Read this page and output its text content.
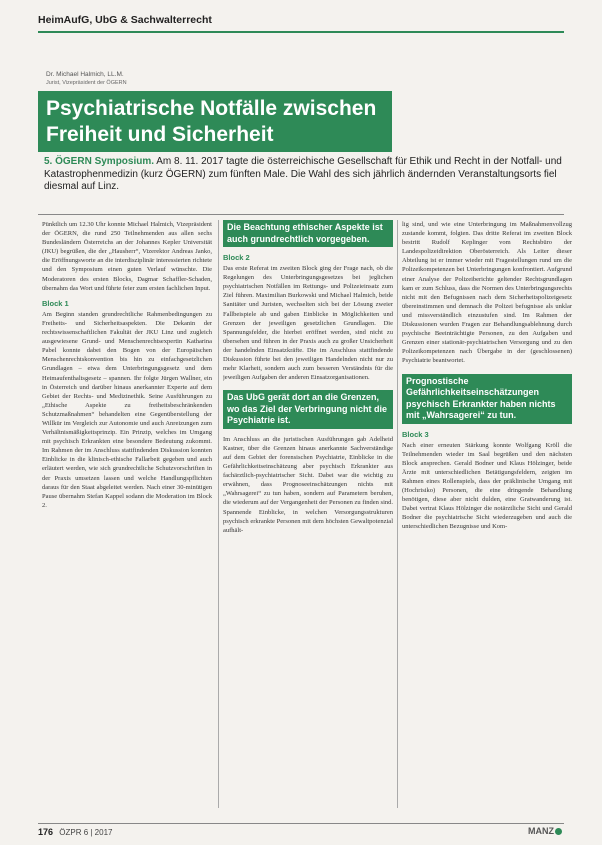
HeimAufG, UbG & Sachwalterrecht
Dr. Michael Halmich, LL.M.
Jurist, Vizepräsident der ÖGERN
Psychiatrische Notfälle zwischen Freiheit und Sicherheit
5. ÖGERN Symposium. Am 8. 11. 2017 tagte die österreichische Gesellschaft für Ethik und Recht in der Notfall- und Katastrophenmedizin (kurz ÖGERN) zum fünften Male. Die Wahl des sich jährlich ändernden Veranstaltungsorts fiel diesmal auf Linz.
Pünktlich um 12.30 Uhr konnte Michael Halmich, Vizepräsident der ÖGERN, die rund 250 Teilnehmenden aus allen sechs Bundesländern Österreichs an der Johannes Kepler Universität (JKU) begrüßen, die der „Hausherr“, Vizerektor Andreas Janko, die Eröffnungsworte an die interdisziplinär interessierten richtete und den Symposium einen guten Verlauf wünschte. Die Moderatoren des ersten Blocks, Dagmar Schaffler-Schaden, übernahm das Wort und führte feier zum ersten fachlichen Input.
Block 1
Am Beginn standen grundrechtliche Rahmenbedingungen zu Freiheits- und Sicherheitsaspekten. Die Dekanin der rechtswissenschaftlichen Fakultät der JKU Linz und zugleich ausgewiesene Grund- und Menschenrechtsexpertin Katharina Pabel konnte dabei den Bogen von der Europäischen Menschenrechtskonvention bis hin zu einfachgesetzlichen Grundlagen – etwa dem Unterbringungsgesetz und dem Heimaufenthaltsgesetz – spannen. Ihr folgte Jürgen Wallner, ein in Österreich und darüber hinaus anerkannter Experte auf dem Gebiet der Rechts- und Medizinethik. Seine Ausführungen zu „Ethische Aspekte zu freiheitsbeschränkenden Schutzmaßnahmen“ behandelten eine Gegenüberstellung der Willkür im Vergleich zur Autonomie und auch Anreizungen zum Verhältnismäßigkeitsprinzip. Ein Prinzip, welches im Umgang mit psychisch Erkrankten eine besondere Bedeutung zukommt. Im Rahmen der im Anschluss stattfindenden Diskussion konnten Einblicke in die klinisch-ethische Fallarbeit gegeben und auch erläutert werden, wie sich grundrechtliche Schutzvorschriften in der Praxis umsetzen lassen und welche Handlungspflichten daraus für den Staat abgeleitet werden. Nach einer 30-minütigen Pause übernahm Stefan Kappel sodann die Moderation im Block 2.
Die Beachtung ethischer Aspekte ist auch grundrechtlich vorgegeben.
Block 2
Das erste Referat im zweiten Block ging der Frage nach, ob die Regelungen des Unterbringungsgesetzes bei jeglichen psychiatrischen Notfällen im Rettungs- und Polizeieinsatz zum Ziel führen. Maximilian Burkowski und Michael Halmich, beide Sanitäter und Juristen, wechselten sich bei der Lösung zweier Fallbeispiele ab und gaben Einblicke in Möglichkeiten und Grenzen der jeweiligen gesetzlichen Grundlagen. Die Spannungsfelder, die hierbei eröffnet werden, sind nicht zu übersehen und führen in der Praxis auch zu großer Unsicherheit der handelnden Einsatzkräfte. Die im Anschluss stattfindende Diskussion führte bei den jeweiligen Handelnden nicht nur zu mehr Klarheit, sondern auch zum besseren Verständnis für die jeweiligen Aufgaben der anderen Einsatzorganisationen.
Das UbG gerät dort an die Grenzen, wo das Ziel der Verbringung nicht die Psychiatrie ist.
Im Anschluss an die juristischen Ausführungen gab Adelheid Kastner, über die Grenzen hinaus anerkannte Sachverständige auf dem Gebiet der forensischen Psychiatrie, Einblicke in die Gefährlichkeitseinschätzung aber psychisch Erkrankter aus fachärztlich-psychiatrischer Sicht. Dabei war die wichtig zu erwähnen, dass Prognoseeinschätzungen nichts mit „Wahrsagerei“ zu tun haben, sondern auf Parametern beruhen, die wiederum auf der Vergangenheit der Personen zu finden sind. Spannende Einblicke, in welchen Versorgungsstrukturen psychisch erkrankte Personen mit dem höchsten Gewaltpotenzial aufhält-
lig sind, und wie eine Unterbringung im Maßnahmenvollzug zustande kommt, folgten. Das dritte Referat im zweiten Block bestritt Rudolf Keplinger vom Rechtsbüro der Landespolizeidirektion Oberösterreich. Als Leiter dieser Abteilung ist er immer wieder mit Fragestellungen rund um die Polizeikompetenzen bei Unterbringungen konfrontiert. Aufgrund einer Analyse der Polizeiberichte geltender Rechtsgrundlagen kam er zum Schluss, dass die Normen des Unterbringungsrechts nicht mit den Befugnissen nach dem Sicherheitspolizeigesetz übereinstimmen und demnach die Polizei befugnisse als unklar und missverständlich einzustufen sind. Im Rahmen der Diskussionen wurden Fragen zur Behandlungsablehnung durch psychische Beeinträchtigte Personen, zu den Aufgaben und Grenzen einer stationär-psychiatrischen Versorgung und zu den Polizeikompetenzen nach Übergabe in der (geschlossenen) Psychiatrie beantwortet.
Prognostische Gefährlichkeitseinschätzungen psychisch Erkrankter haben nichts mit „Wahrsagerei“ zu tun.
Block 3
Nach einer erneuten Stärkung konnte Wolfgang Kröll die Teilnehmenden wieder im Saal begrüßen und den nächsten Block ansprechen. Gerald Bodner und Klaus Hölzinger, beide Ärzte mit unterschiedlichen Betätigungsfeldern, zeigten im Rahmen eines Rollenspiels, dass der präklinische Umgang mit (Hochrisiko) Personen, die eine dringende Behandlung benötigen, diese aber nicht dulden, eine Gratwanderung ist. Dabei vertrat Klaus Hölzinger die notärztliche Sicht und Gerald Bodner die psychiatrische Sicht wiederzugeben und auch die unterschiedlichen Bezugnisse und Kom-
176 ÖZPR 6 | 2017	MANZ
